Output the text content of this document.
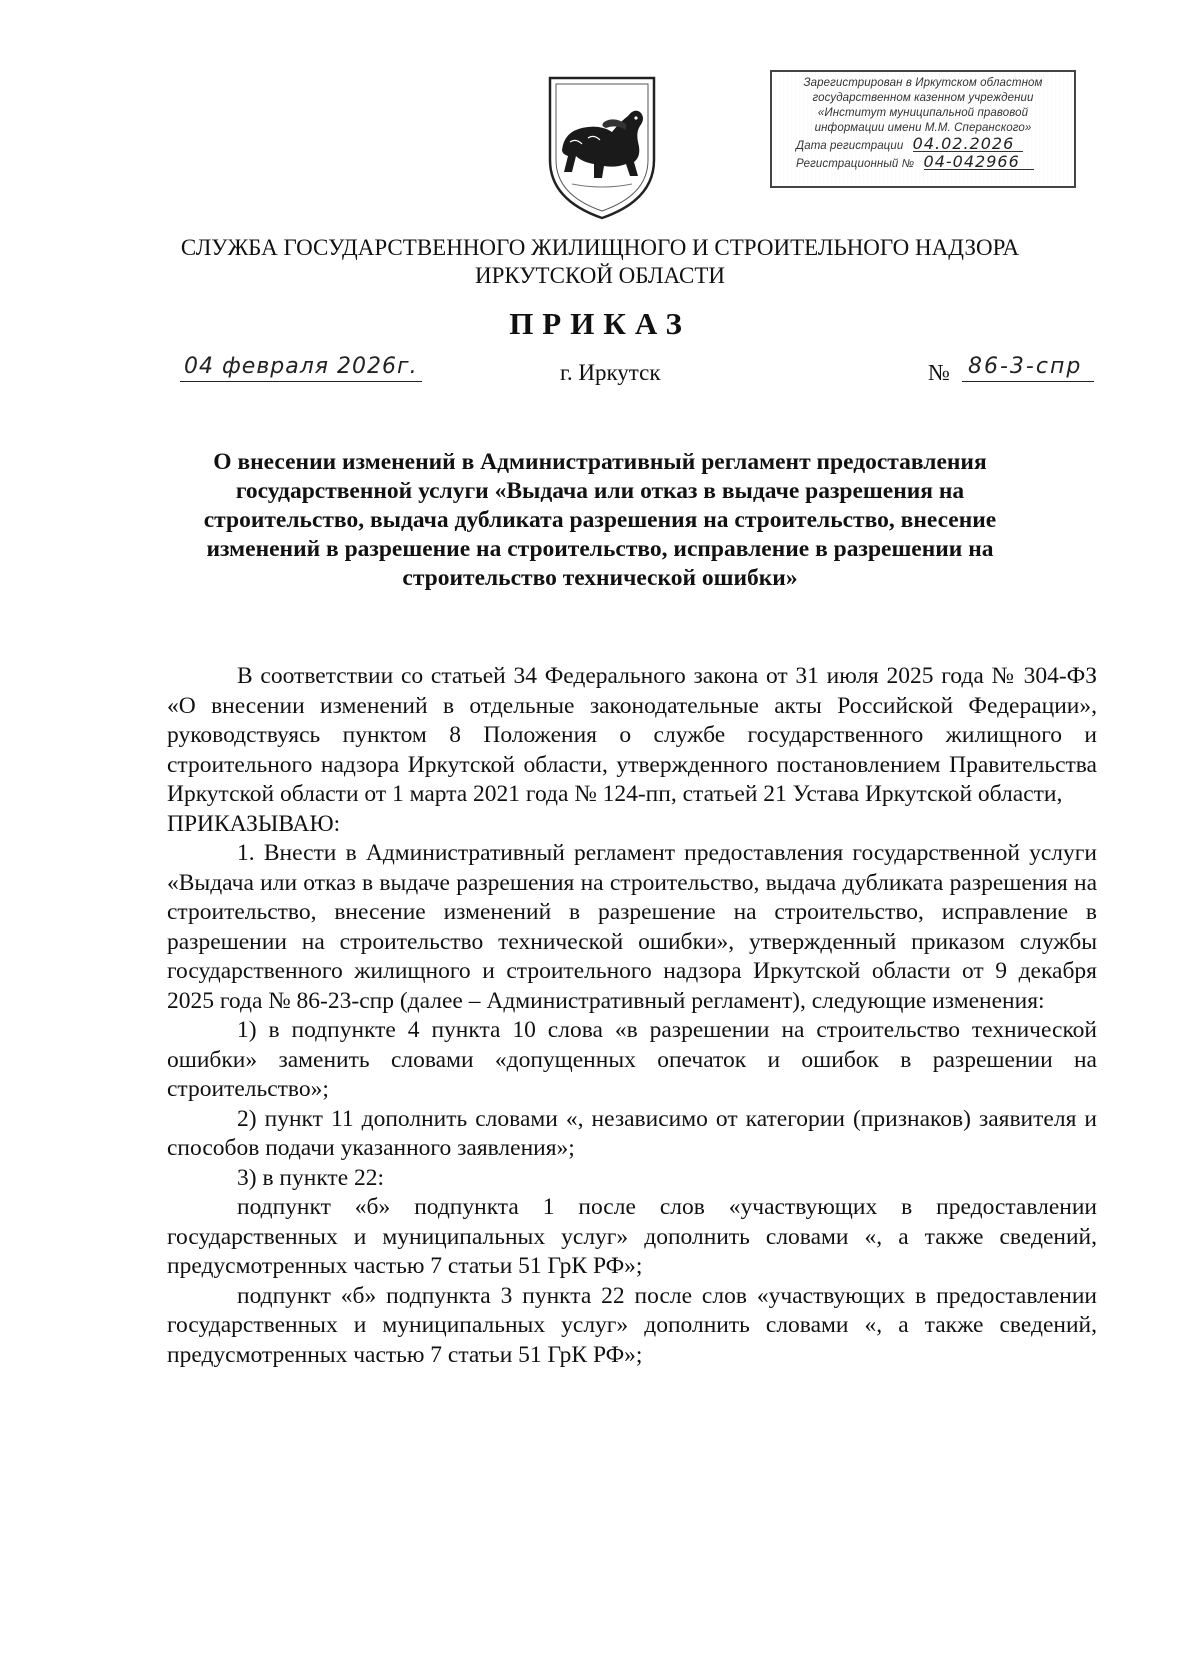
Зарегистрирован в Иркутском областном
государственном казенном учреждении
«Институт муниципальной правовой
информации имени М.М. Сперанского»
Дата регистрации 04.02.2026
Регистрационный № 04-042966
СЛУЖБА ГОСУДАРСТВЕННОГО ЖИЛИЩНОГО И СТРОИТЕЛЬНОГО НАДЗОРА
ИРКУТСКОЙ ОБЛАСТИ
ПРИКАЗ
04 февраля 2026г.	г. Иркутск	№ 86-3-спр
О внесении изменений в Административный регламент предоставления государственной услуги «Выдача или отказ в выдаче разрешения на строительство, выдача дубликата разрешения на строительство, внесение изменений в разрешение на строительство, исправление в разрешении на строительство технической ошибки»

В соответствии со статьей 34 Федерального закона от 31 июля 2025 года № 304-ФЗ «О внесении изменений в отдельные законодательные акты Российской Федерации», руководствуясь пунктом 8 Положения о службе государственного жилищного и строительного надзора Иркутской области, утвержденного постановлением Правительства Иркутской области от 1 марта 2021 года № 124-пп, статьей 21 Устава Иркутской области,

ПРИКАЗЫВАЮ:

1. Внести в Административный регламент предоставления государственной услуги «Выдача или отказ в выдаче разрешения на строительство, выдача дубликата разрешения на строительство, внесение изменений в разрешение на строительство, исправление в разрешении на строительство технической ошибки», утвержденный приказом службы государственного жилищного и строительного надзора Иркутской области от 9 декабря 2025 года № 86-23-спр (далее – Административный регламент), следующие изменения:

1) в подпункте 4 пункта 10 слова «в разрешении на строительство технической ошибки» заменить словами «допущенных опечаток и ошибок в разрешении на строительство»;

2) пункт 11 дополнить словами «, независимо от категории (признаков) заявителя и способов подачи указанного заявления»;

3) в пункте 22:

подпункт «б» подпункта 1 после слов «участвующих в предоставлении государственных и муниципальных услуг» дополнить словами «, а также сведений, предусмотренных частью 7 статьи 51 ГрК РФ»;

подпункт «б» подпункта 3 пункта 22 после слов «участвующих в предоставлении государственных и муниципальных услуг» дополнить словами «, а также сведений, предусмотренных частью 7 статьи 51 ГрК РФ»;
